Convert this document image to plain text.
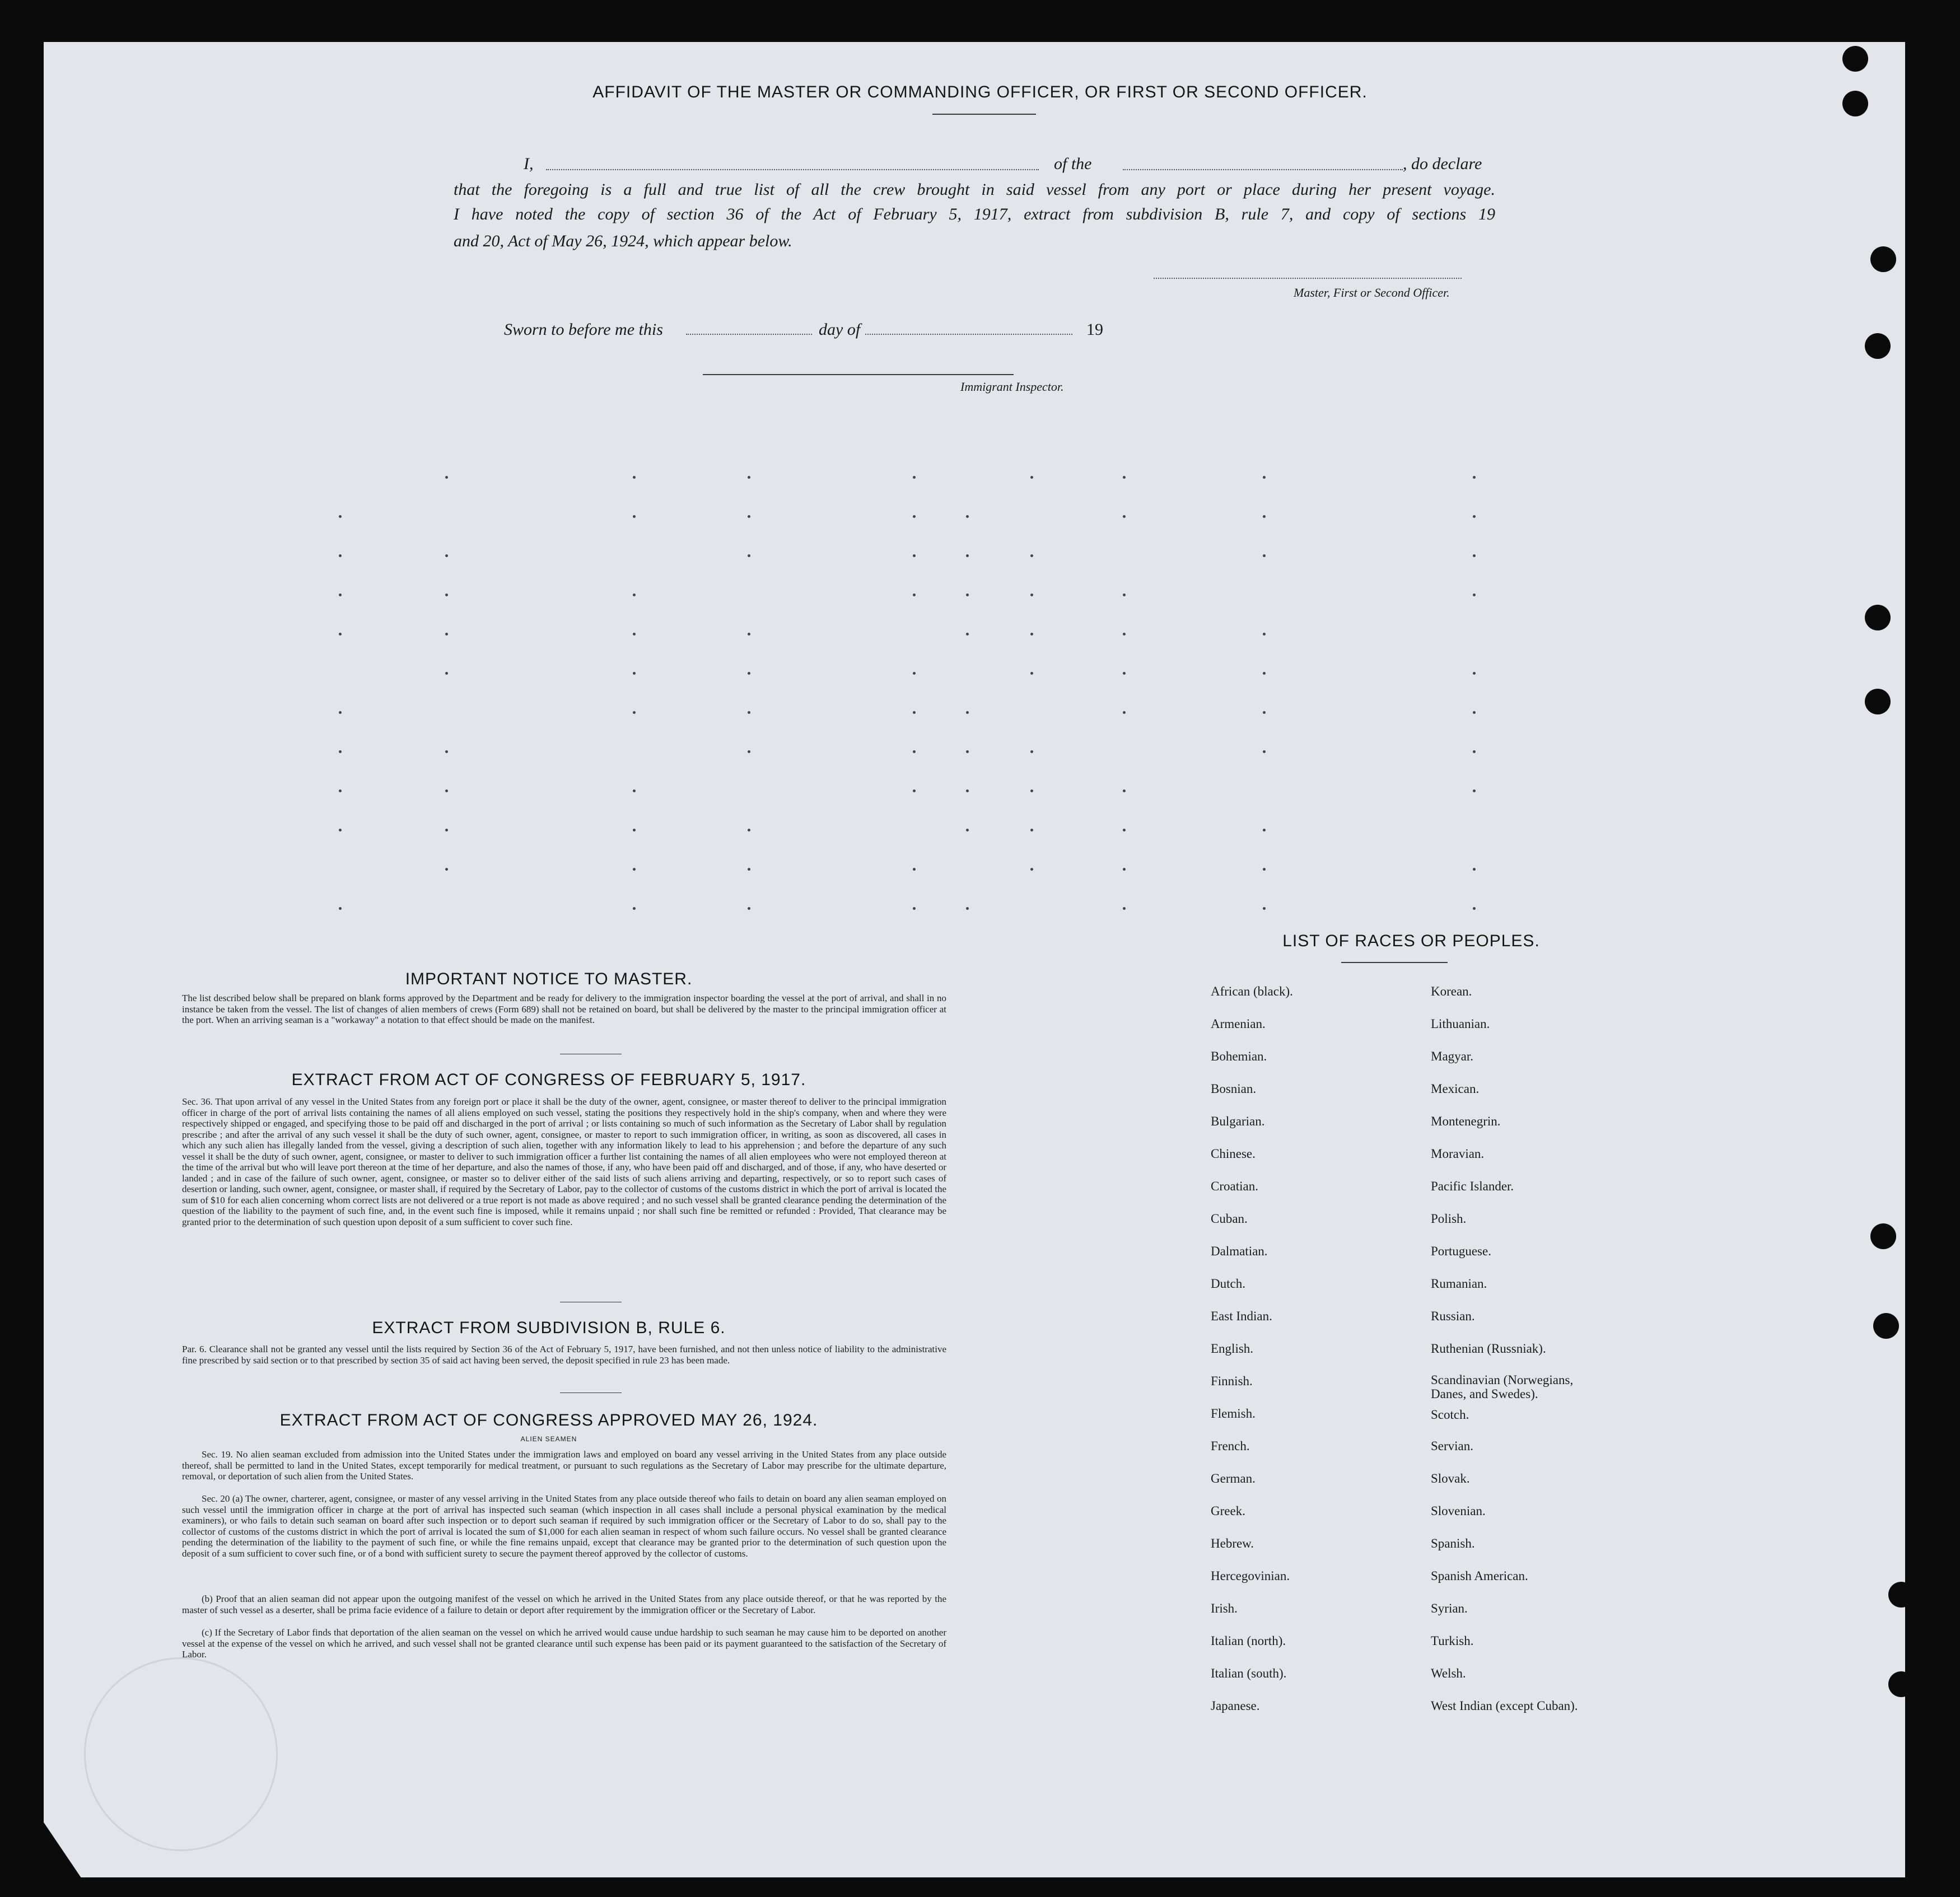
AFFIDAVIT OF THE MASTER OR COMMANDING OFFICER, OR FIRST OR SECOND OFFICER.
I,	of the	, do declare
that the foregoing is a full and true list of all the crew brought in said vessel from any port or place during her present voyage.
I have noted the copy of section 36 of the Act of February 5, 1917, extract from subdivision B, rule 7, and copy of sections 19
and 20, Act of May 26, 1924, which appear below.
Master, First or Second Officer.
Sworn to before me this	day of	19
Immigrant Inspector.
IMPORTANT NOTICE TO MASTER.
The list described below shall be prepared on blank forms approved by the Department and be ready for delivery to the immigration inspector boarding the vessel at the port of arrival, and shall in no instance be taken from the vessel. The list of changes of alien members of crews (Form 689) shall not be retained on board, but shall be delivered by the master to the principal immigration officer at the port. When an arriving seaman is a "workaway" a notation to that effect should be made on the manifest.
EXTRACT FROM ACT OF CONGRESS OF FEBRUARY 5, 1917.
Sec. 36. That upon arrival of any vessel in the United States from any foreign port or place it shall be the duty of the owner, agent, consignee, or master thereof to deliver to the principal immigration officer in charge of the port of arrival lists containing the names of all aliens employed on such vessel, stating the positions they respectively hold in the ship's company, when and where they were respectively shipped or engaged, and specifying those to be paid off and discharged in the port of arrival ; or lists containing so much of such information as the Secretary of Labor shall by regulation prescribe ; and after the arrival of any such vessel it shall be the duty of such owner, agent, consignee, or master to report to such immigration officer, in writing, as soon as discovered, all cases in which any such alien has illegally landed from the vessel, giving a description of such alien, together with any information likely to lead to his apprehension ; and before the departure of any such vessel it shall be the duty of such owner, agent, consignee, or master to deliver to such immigration officer a further list containing the names of all alien employees who were not employed thereon at the time of the arrival but who will leave port thereon at the time of her departure, and also the names of those, if any, who have been paid off and discharged, and of those, if any, who have deserted or landed ; and in case of the failure of such owner, agent, consignee, or master so to deliver either of the said lists of such aliens arriving and departing, respectively, or so to report such cases of desertion or landing, such owner, agent, consignee, or master shall, if required by the Secretary of Labor, pay to the collector of customs of the customs district in which the port of arrival is located the sum of $10 for each alien concerning whom correct lists are not delivered or a true report is not made as above required ; and no such vessel shall be granted clearance pending the determination of the question of the liability to the payment of such fine, and, in the event such fine is imposed, while it remains unpaid ; nor shall such fine be remitted or refunded : Provided, That clearance may be granted prior to the determination of such question upon deposit of a sum sufficient to cover such fine.
EXTRACT FROM SUBDIVISION B, RULE 6.
Par. 6. Clearance shall not be granted any vessel until the lists required by Section 36 of the Act of February 5, 1917, have been furnished, and not then unless notice of liability to the administrative fine prescribed by said section or to that prescribed by section 35 of said act having been served, the deposit specified in rule 23 has been made.
EXTRACT FROM ACT OF CONGRESS APPROVED MAY 26, 1924.
ALIEN SEAMEN
Sec. 19. No alien seaman excluded from admission into the United States under the immigration laws and employed on board any vessel arriving in the United States from any place outside thereof, shall be permitted to land in the United States, except temporarily for medical treatment, or pursuant to such regulations as the Secretary of Labor may prescribe for the ultimate departure, removal, or deportation of such alien from the United States.
Sec. 20 (a) The owner, charterer, agent, consignee, or master of any vessel arriving in the United States from any place outside thereof who fails to detain on board any alien seaman employed on such vessel until the immigration officer in charge at the port of arrival has inspected such seaman (which inspection in all cases shall include a personal physical examination by the medical examiners), or who fails to detain such seaman on board after such inspection or to deport such seaman if required by such immigration officer or the Secretary of Labor to do so, shall pay to the collector of customs of the customs district in which the port of arrival is located the sum of $1,000 for each alien seaman in respect of whom such failure occurs. No vessel shall be granted clearance pending the determination of the liability to the payment of such fine, or while the fine remains unpaid, except that clearance may be granted prior to the determination of such question upon the deposit of a sum sufficient to cover such fine, or of a bond with sufficient surety to secure the payment thereof approved by the collector of customs.
(b) Proof that an alien seaman did not appear upon the outgoing manifest of the vessel on which he arrived in the United States from any place outside thereof, or that he was reported by the master of such vessel as a deserter, shall be prima facie evidence of a failure to detain or deport after requirement by the immigration officer or the Secretary of Labor.
(c) If the Secretary of Labor finds that deportation of the alien seaman on the vessel on which he arrived would cause undue hardship to such seaman he may cause him to be deported on another vessel at the expense of the vessel on which he arrived, and such vessel shall not be granted clearance until such expense has been paid or its payment guaranteed to the satisfaction of the Secretary of Labor.
LIST OF RACES OR PEOPLES.
African (black).
Armenian.
Bohemian.
Bosnian.
Bulgarian.
Chinese.
Croatian.
Cuban.
Dalmatian.
Dutch.
East Indian.
English.
Finnish.
Flemish.
French.
German.
Greek.
Hebrew.
Hercegovinian.
Irish.
Italian (north).
Italian (south).
Japanese.
Korean.
Lithuanian.
Magyar.
Mexican.
Montenegrin.
Moravian.
Pacific Islander.
Polish.
Portuguese.
Rumanian.
Russian.
Ruthenian (Russniak).
Scandinavian (Norwegians,
Danes, and Swedes).
Scotch.
Servian.
Slovak.
Slovenian.
Spanish.
Spanish American.
Syrian.
Turkish.
Welsh.
West Indian (except Cuban).
